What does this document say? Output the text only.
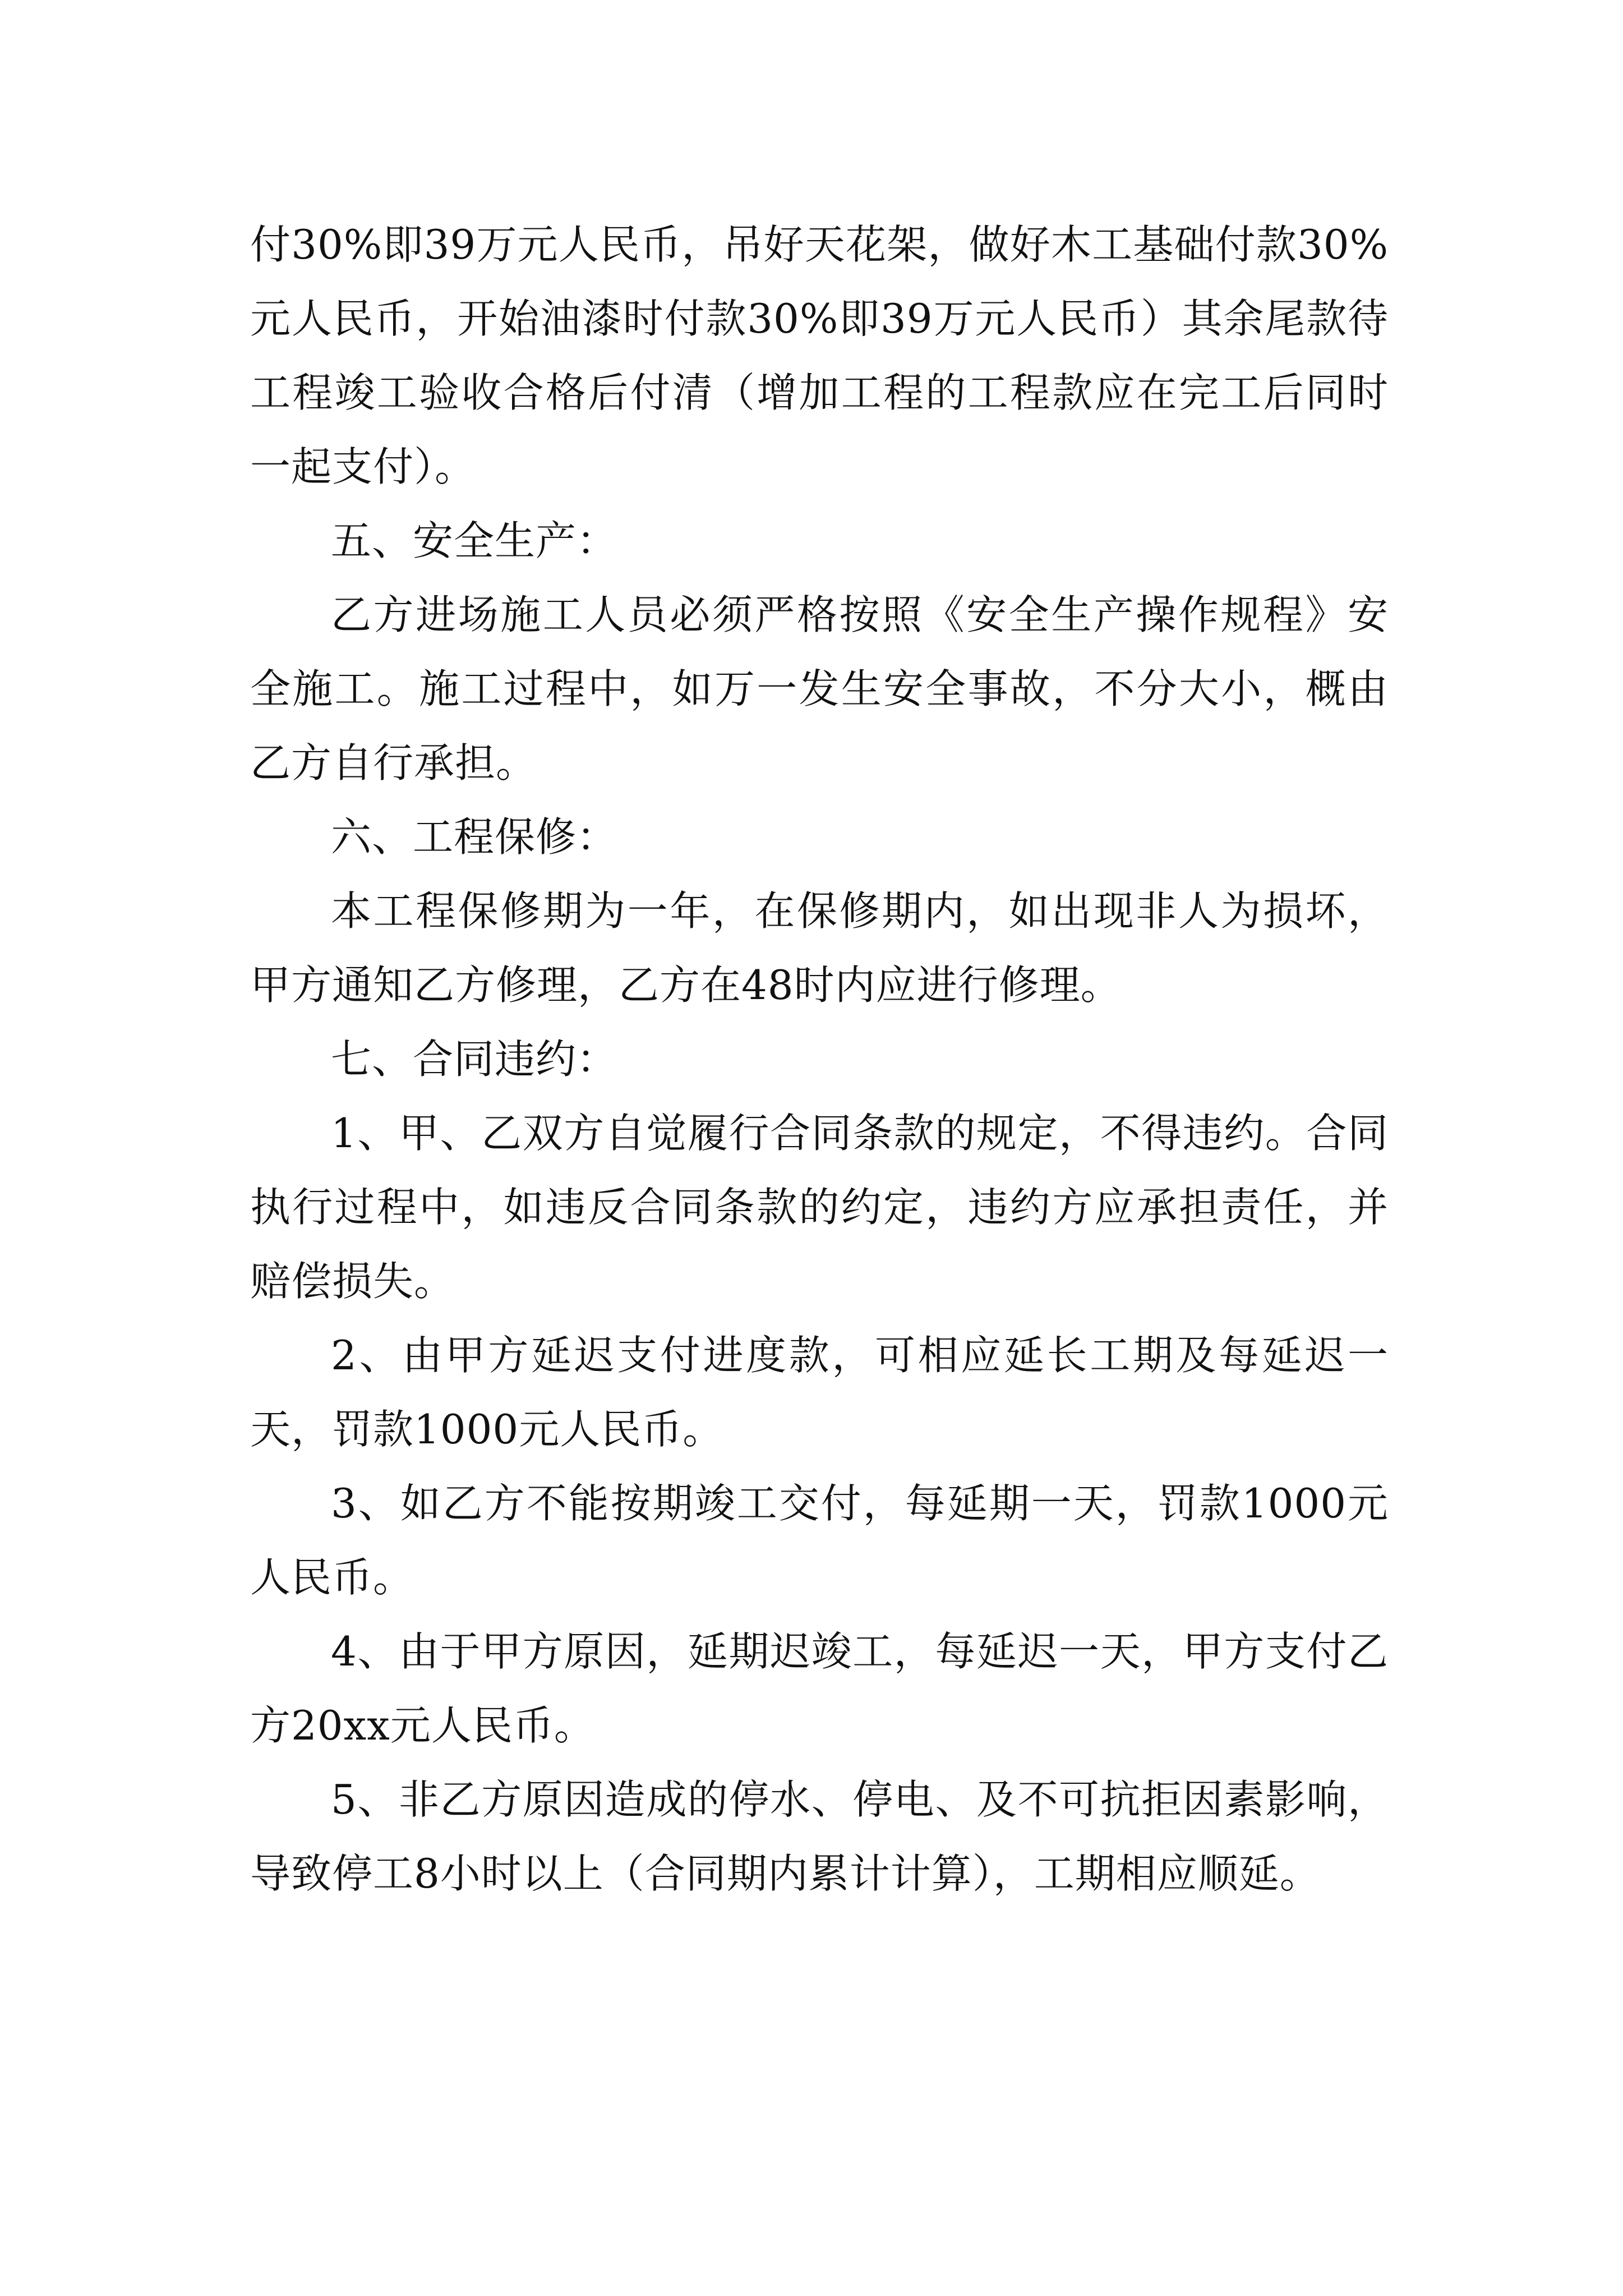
付30%即39万元人民币，吊好天花架，做好木工基础付款30%元人民币，开始油漆时付款30%即39万元人民币）其余尾款待工程竣工验收合格后付清（增加工程的工程款应在完工后同时一起支付）。

五、安全生产：

乙方进场施工人员必须严格按照《安全生产操作规程》安全施工。施工过程中，如万一发生安全事故，不分大小，概由乙方自行承担。

六、工程保修：

本工程保修期为一年，在保修期内，如出现非人为损坏，甲方通知乙方修理，乙方在48时内应进行修理。

七、合同违约：

1、甲、乙双方自觉履行合同条款的规定，不得违约。合同执行过程中，如违反合同条款的约定，违约方应承担责任，并赔偿损失。

2、由甲方延迟支付进度款，可相应延长工期及每延迟一天，罚款1000元人民币。

3、如乙方不能按期竣工交付，每延期一天，罚款1000元人民币。

4、由于甲方原因，延期迟竣工，每延迟一天，甲方支付乙方20xx元人民币。

5、非乙方原因造成的停水、停电、及不可抗拒因素影响，导致停工8小时以上（合同期内累计计算），工期相应顺延。
